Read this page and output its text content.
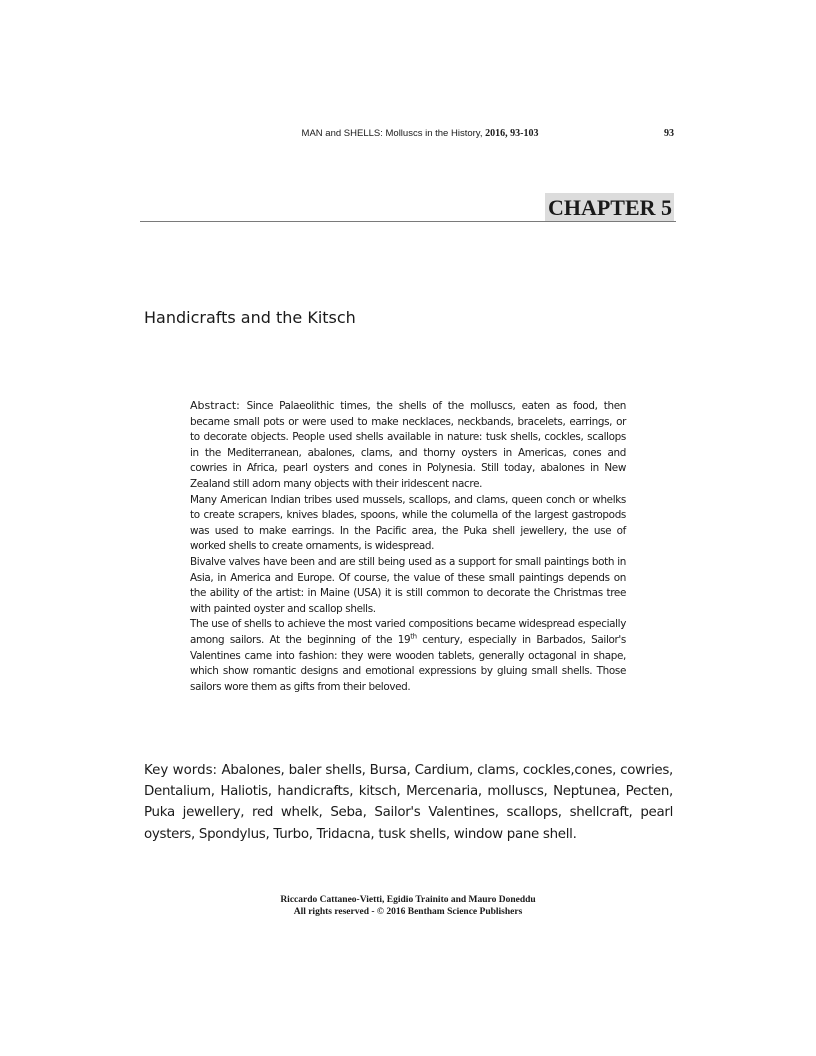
MAN and SHELLS: Molluscs in the History, 2016, 93-103	93
CHAPTER 5
Handicrafts and the Kitsch

Abstract: Since Palaeolithic times, the shells of the molluscs, eaten as food, then became small pots or were used to make necklaces, neckbands, bracelets, earrings, or to decorate objects. People used shells available in nature: tusk shells, cockles, scallops in the Mediterranean, abalones, clams, and thorny oysters in Americas, cones and cowries in Africa, pearl oysters and cones in Polynesia. Still today, abalones in New Zealand still adorn many objects with their iridescent nacre.

Many American Indian tribes used mussels, scallops, and clams, queen conch or whelks to create scrapers, knives blades, spoons, while the columella of the largest gastropods was used to make earrings. In the Pacific area, the Puka shell jewellery, the use of worked shells to create ornaments, is widespread.

Bivalve valves have been and are still being used as a support for small paintings both in Asia, in America and Europe. Of course, the value of these small paintings depends on the ability of the artist: in Maine (USA) it is still common to decorate the Christmas tree with painted oyster and scallop shells.

The use of shells to achieve the most varied compositions became widespread especially among sailors. At the beginning of the 19th century, especially in Barbados, Sailor's Valentines came into fashion: they were wooden tablets, generally octagonal in shape, which show romantic designs and emotional expressions by gluing small shells. Those sailors wore them as gifts from their beloved.

Key words: Abalones, baler shells, Bursa, Cardium, clams, cockles,cones, cowries, Dentalium, Haliotis, handicrafts, kitsch, Mercenaria, molluscs, Neptunea, Pecten, Puka jewellery, red whelk, Seba, Sailor's Valentines, scallops, shellcraft, pearl oysters, Spondylus, Turbo, Tridacna, tusk shells, window pane shell.
Riccardo Cattaneo-Vietti, Egidio Trainito and Mauro Doneddu
All rights reserved - © 2016 Bentham Science Publishers
